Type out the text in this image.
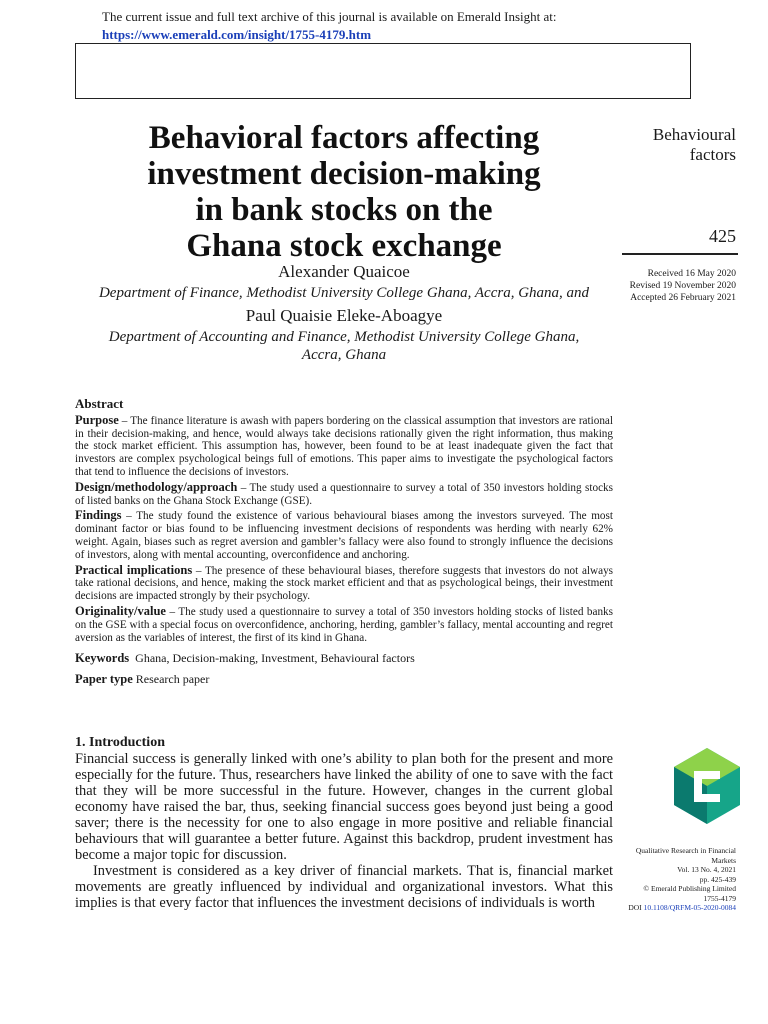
The current issue and full text archive of this journal is available on Emerald Insight at:
https://www.emerald.com/insight/1755-4179.htm
Behavioral factors affecting
investment decision-making
in bank stocks on the
Ghana stock exchange
Behavioural
factors
425
Received 16 May 2020
Revised 19 November 2020
Accepted 26 February 2021
Alexander Quaicoe
Department of Finance, Methodist University College Ghana, Accra, Ghana, and
Paul Quaisie Eleke-Aboagye
Department of Accounting and Finance, Methodist University College Ghana,
Accra, Ghana
Abstract

Purpose – The finance literature is awash with papers bordering on the classical assumption that investors are rational in their decision-making, and hence, would always take decisions rationally given the right information, thus making the stock market efficient. This assumption has, however, been found to be at least inadequate given the fact that investors are complex psychological beings full of emotions. This paper aims to investigate the psychological factors that tend to influence the decisions of investors.

Design/methodology/approach – The study used a questionnaire to survey a total of 350 investors holding stocks of listed banks on the Ghana Stock Exchange (GSE).

Findings – The study found the existence of various behavioural biases among the investors surveyed. The most dominant factor or bias found to be influencing investment decisions of respondents was herding with nearly 62% weight. Again, biases such as regret aversion and gambler’s fallacy were also found to strongly influence the decisions of investors, along with mental accounting, overconfidence and anchoring.

Practical implications – The presence of these behavioural biases, therefore suggests that investors do not always take rational decisions, and hence, making the stock market efficient and that as psychological beings, their investment decisions are impacted strongly by their psychology.

Originality/value – The study used a questionnaire to survey a total of 350 investors holding stocks of listed banks on the GSE with a special focus on overconfidence, anchoring, herding, gambler’s fallacy, mental accounting and regret aversion as the variables of interest, the first of its kind in Ghana.

Keywords Ghana, Decision-making, Investment, Behavioural factors

Paper type Research paper

1. Introduction

Financial success is generally linked with one’s ability to plan both for the present and more especially for the future. Thus, researchers have linked the ability of one to save with the fact that they will be more successful in the future. However, changes in the current global economy have raised the bar, thus, seeking financial success goes beyond just being a good saver; there is the necessity for one to also engage in more positive and reliable financial behaviours that will guarantee a better future. Against this backdrop, prudent investment has become a major topic for discussion.

Investment is considered as a key driver of financial markets. That is, financial market movements are greatly influenced by individual and organizational investors. What this implies is that every factor that influences the investment decisions of individuals is worth

Qualitative Research in Financial
Markets
Vol. 13 No. 4, 2021
pp. 425-439
© Emerald Publishing Limited
1755-4179
DOI 10.1108/QRFM-05-2020-0084
